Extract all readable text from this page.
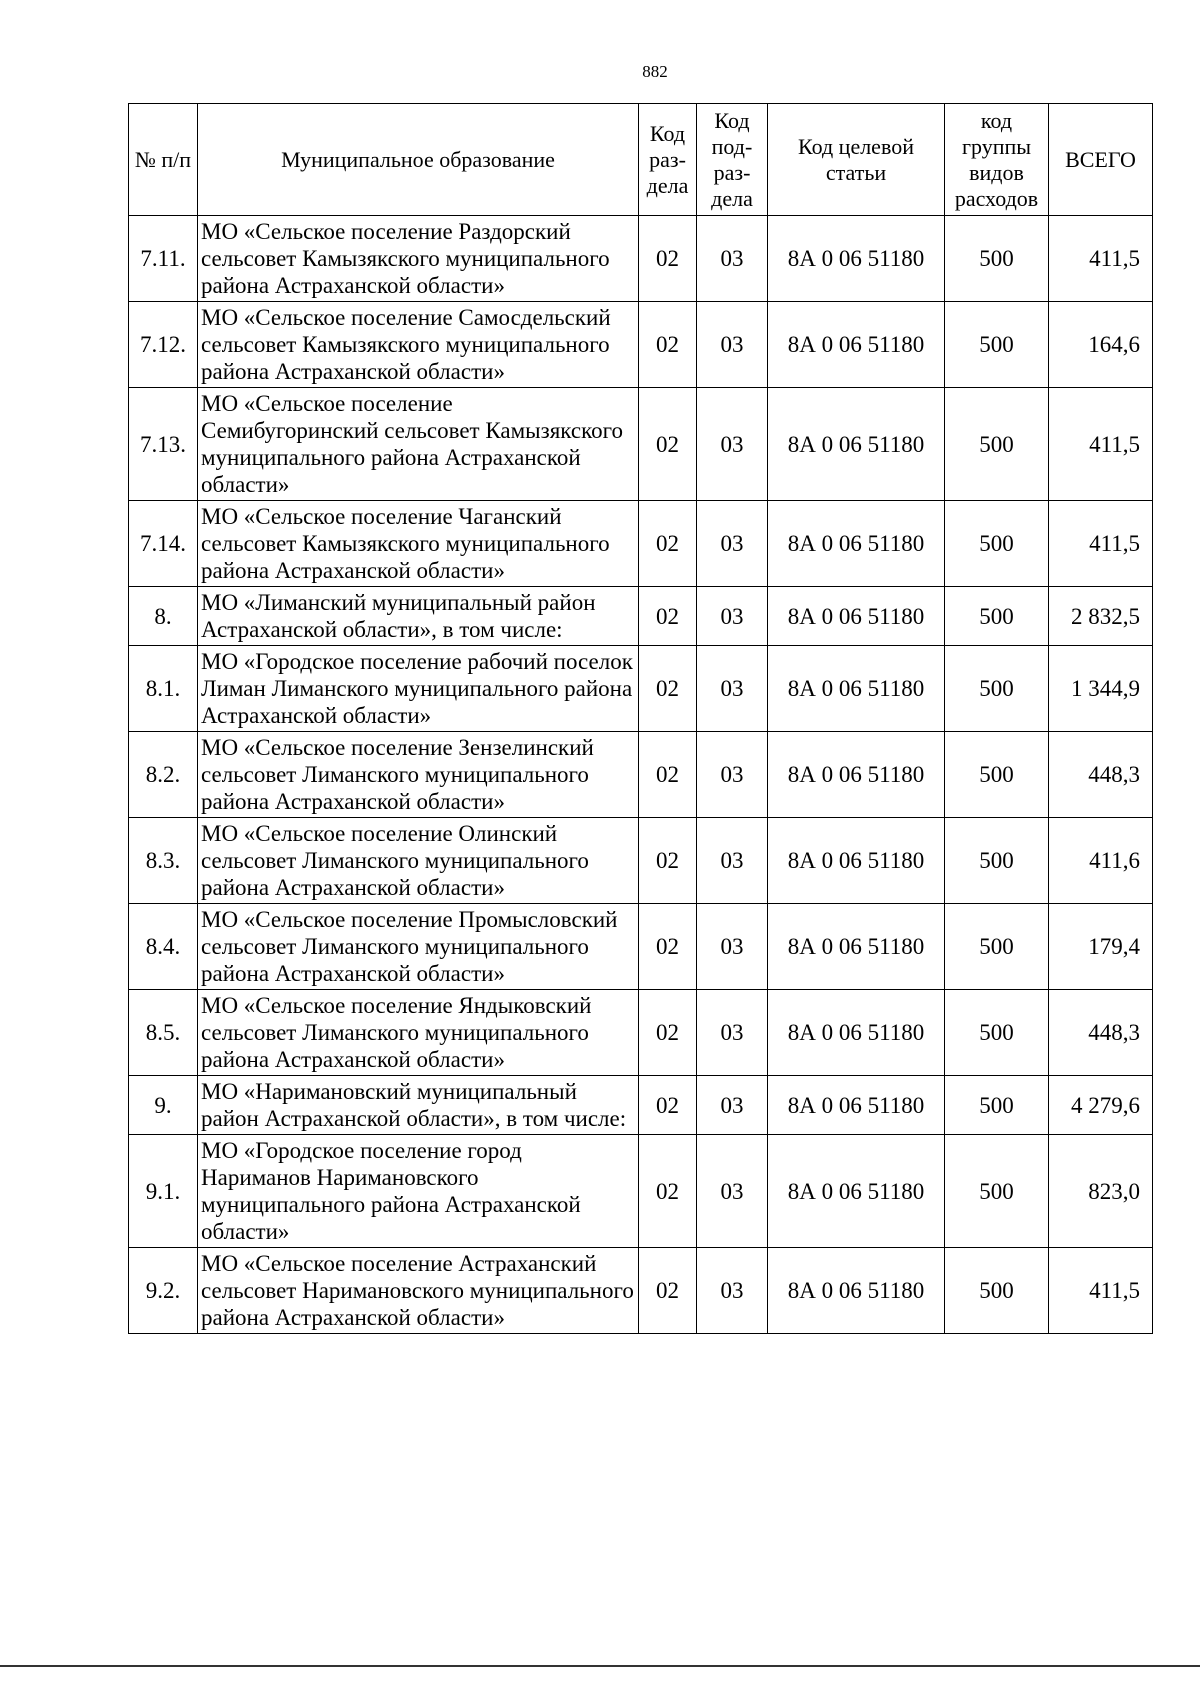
882
№ п/п	Муниципальное образование	Код раз-дела	Код под-раз-дела	Код целевой статьи	код группы видов расходов	ВСЕГО
7.11.	МО «Сельское поселение Раздорский сельсовет Камызякского муниципального района Астраханской области»	02	03	8А 0 06 51180	500	411,5
7.12.	МО «Сельское поселение Самосдельский сельсовет Камызякского муниципального района Астраханской области»	02	03	8А 0 06 51180	500	164,6
7.13.	МО «Сельское поселение Семибугоринский сельсовет Камызякского муниципального района Астраханской области»	02	03	8А 0 06 51180	500	411,5
7.14.	МО «Сельское поселение Чаганский сельсовет Камызякского муниципального района Астраханской области»	02	03	8А 0 06 51180	500	411,5
8.	МО «Лиманский муниципальный район Астраханской области», в том числе:	02	03	8А 0 06 51180	500	2 832,5
8.1.	МО «Городское поселение рабочий поселок Лиман Лиманского муниципального района Астраханской области»	02	03	8А 0 06 51180	500	1 344,9
8.2.	МО «Сельское поселение Зензелинский сельсовет Лиманского муниципального района Астраханской области»	02	03	8А 0 06 51180	500	448,3
8.3.	МО «Сельское поселение Олинский сельсовет Лиманского муниципального района Астраханской области»	02	03	8А 0 06 51180	500	411,6
8.4.	МО «Сельское поселение Промысловский сельсовет Лиманского муниципального района Астраханской области»	02	03	8А 0 06 51180	500	179,4
8.5.	МО «Сельское поселение Яндыковский сельсовет Лиманского муниципального района Астраханской области»	02	03	8А 0 06 51180	500	448,3
9.	МО «Наримановский муниципальный район Астраханской области», в том числе:	02	03	8А 0 06 51180	500	4 279,6
9.1.	МО «Городское поселение город Нариманов Наримановского муниципального района Астраханской области»	02	03	8А 0 06 51180	500	823,0
9.2.	МО «Сельское поселение Астраханский сельсовет Наримановского муниципального района Астраханской области»	02	03	8А 0 06 51180	500	411,5
